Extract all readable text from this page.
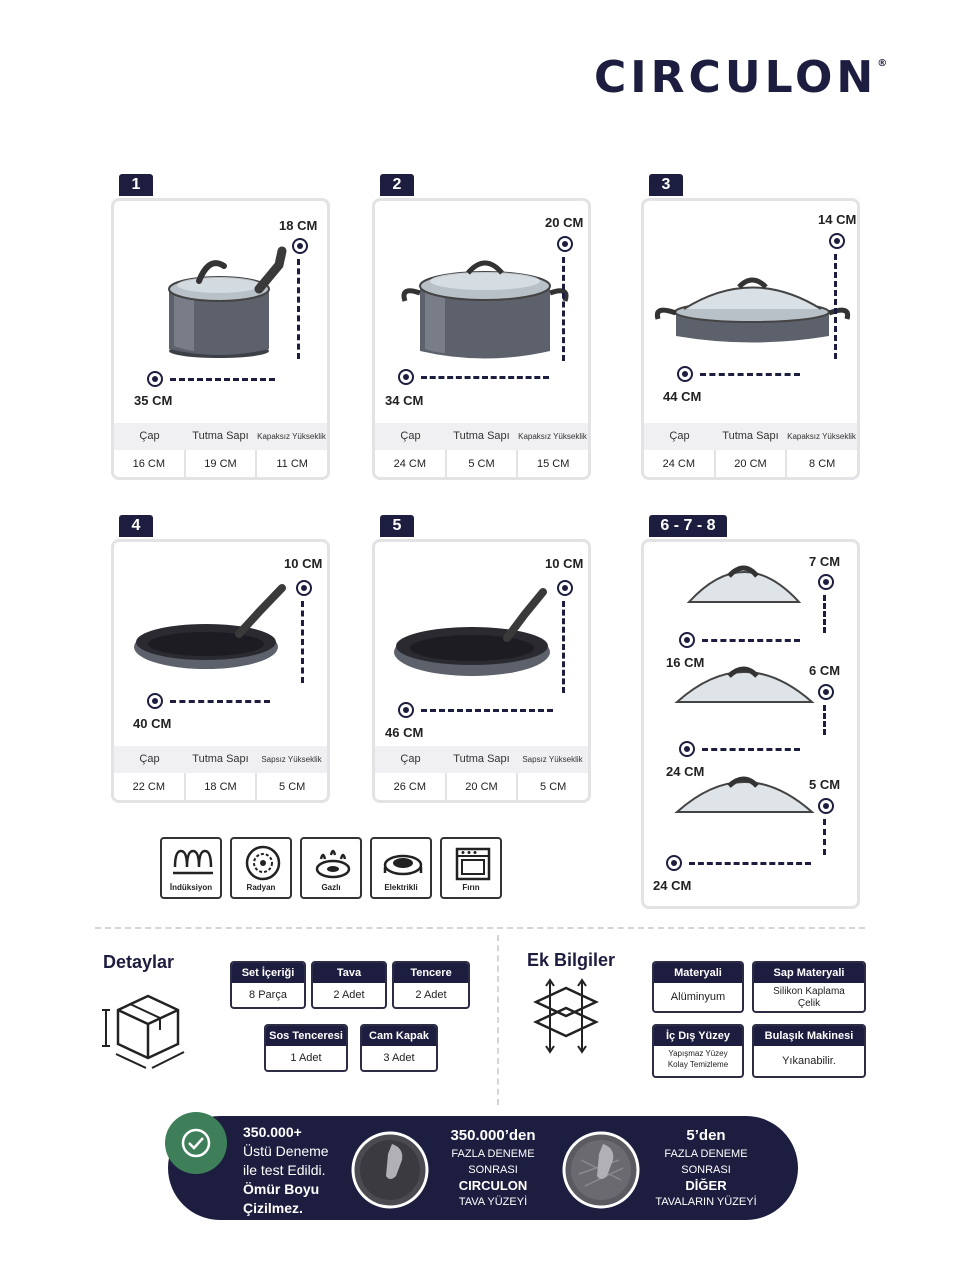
CIRCULON®
1
18 CM
35 CM
Çap	Tutma Sapı	Kapaksız Yükseklik
16 CM	19 CM	11 CM
2
20 CM
34 CM
Çap	Tutma Sapı	Kapaksız Yükseklik
24 CM	5 CM	15 CM
3
14 CM
44 CM
Çap	Tutma Sapı	Kapaksız Yükseklik
24 CM	20 CM	8 CM
4
10 CM
40 CM
Çap	Tutma Sapı	Sapsız Yükseklik
22 CM	18 CM	5 CM
5
10 CM
46 CM
Çap	Tutma Sapı	Sapsız Yükseklik
26 CM	20 CM	5 CM
6 - 7 - 8
7 CM
16 CM
6 CM
24 CM
5 CM
24 CM
İndüksiyon	Radyan	Gazlı	Elektrikli	Fırın
Detaylar
Set İçeriği
8 Parça
Tava
2 Adet
Tencere
2 Adet
Sos Tenceresi
1 Adet
Cam Kapak
3 Adet
Ek Bilgiler
Materyali
Alüminyum
Sap Materyali
Silikon Kaplama
Çelik
İç Dış Yüzey
Yapışmaz Yüzey
Kolay Temizleme
Bulaşık Makinesi
Yıkanabilir.
350.000+
Üstü Deneme
ile test Edildi.
Ömür Boyu
Çizilmez.
350.000’den
FAZLA DENEME
SONRASI
CIRCULON
TAVA YÜZEYİ
5’den
FAZLA DENEME
SONRASI
DİĞER
TAVALARIN YÜZEYİ
